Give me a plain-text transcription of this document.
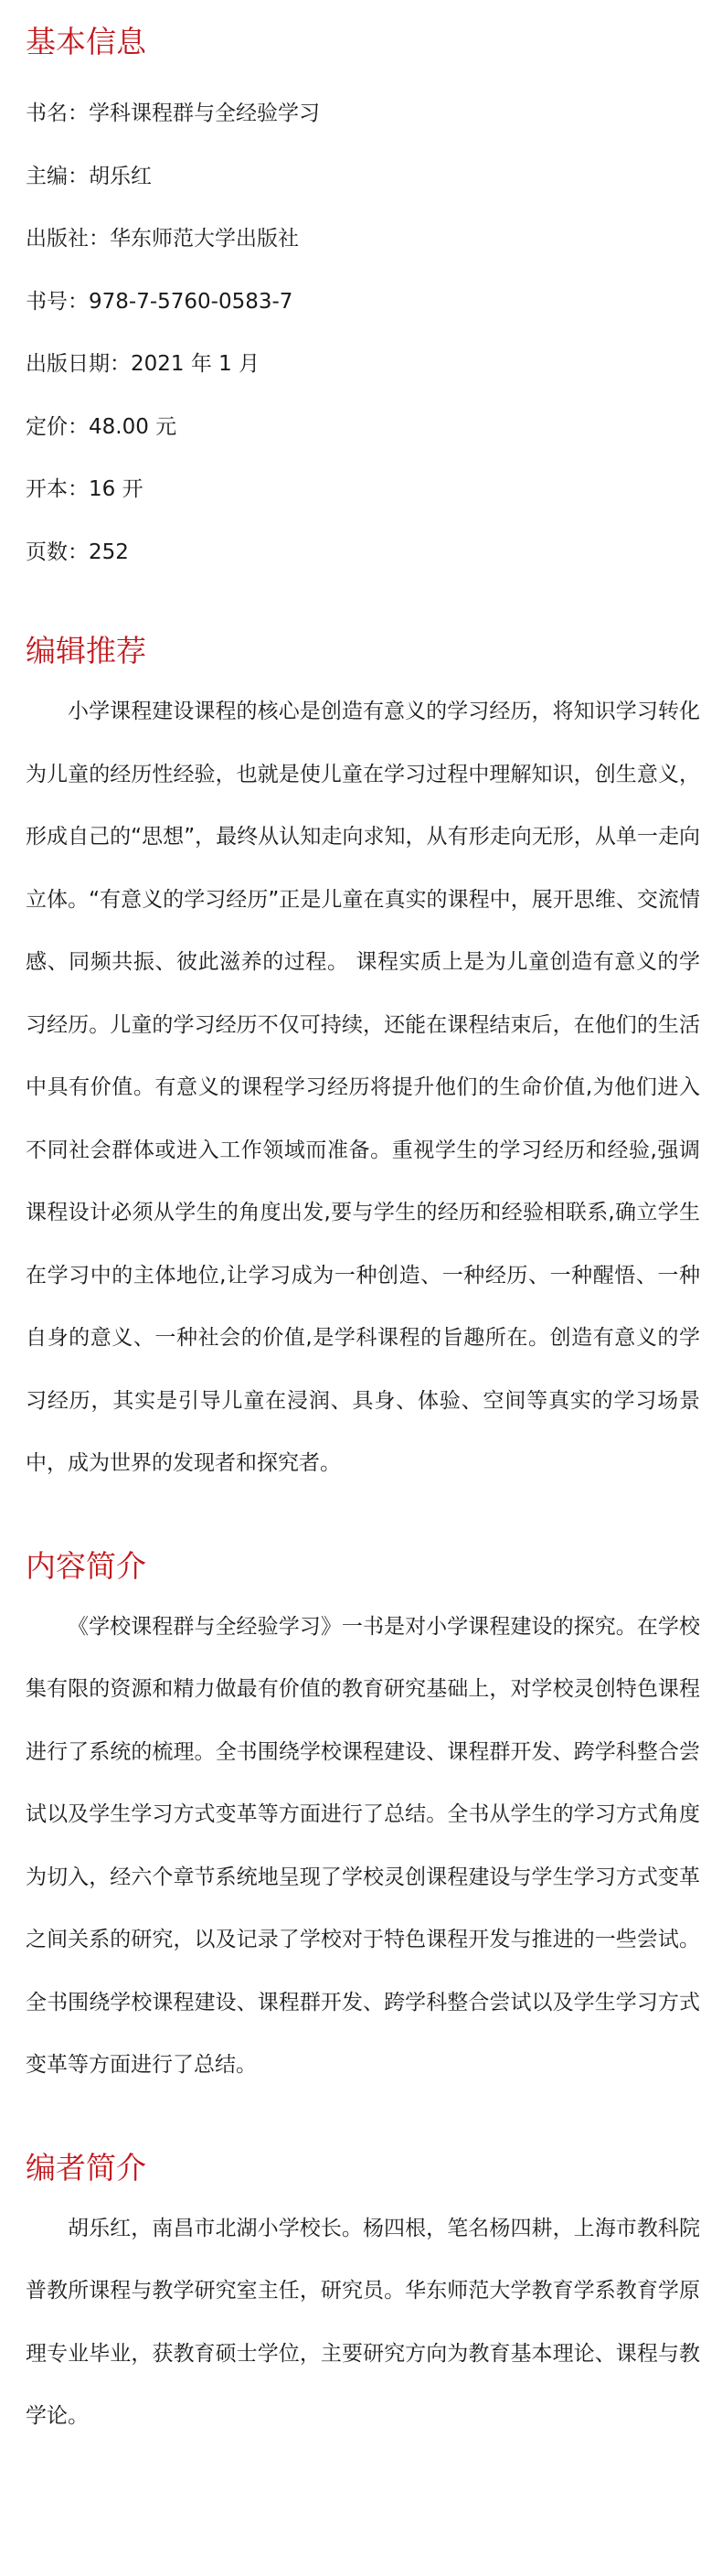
基本信息
书名：学科课程群与全经验学习
主编：胡乐红
出版社：华东师范大学出版社
书号：978-7-5760-0583-7
出版日期：2021 年 1 月
定价：48.00 元
开本：16 开
页数：252
编辑推荐

小学课程建设课程的核心是创造有意义的学习经历，将知识学习转化为儿童的经历性经验，也就是使儿童在学习过程中理解知识，创生意义，形成自己的“思想”，最终从认知走向求知，从有形走向无形，从单一走向立体。“有意义的学习经历”正是儿童在真实的课程中，展开思维、交流情感、同频共振、彼此滋养的过程。 课程实质上是为儿童创造有意义的学习经历。儿童的学习经历不仅可持续，还能在课程结束后，在他们的生活中具有价值。有意义的课程学习经历将提升他们的生命价值,为他们进入不同社会群体或进入工作领域而准备。重视学生的学习经历和经验,强调课程设计必须从学生的角度出发,要与学生的经历和经验相联系,确立学生在学习中的主体地位,让学习成为一种创造、一种经历、一种醒悟、一种自身的意义、一种社会的价值,是学科课程的旨趣所在。创造有意义的学习经历，其实是引导儿童在浸润、具身、体验、空间等真实的学习场景中，成为世界的发现者和探究者。

内容简介

《学校课程群与全经验学习》一书是对小学课程建设的探究。在学校集有限的资源和精力做最有价值的教育研究基础上，对学校灵创特色课程进行了系统的梳理。全书围绕学校课程建设、课程群开发、跨学科整合尝试以及学生学习方式变革等方面进行了总结。全书从学生的学习方式角度为切入，经六个章节系统地呈现了学校灵创课程建设与学生学习方式变革之间关系的研究，以及记录了学校对于特色课程开发与推进的一些尝试。全书围绕学校课程建设、课程群开发、跨学科整合尝试以及学生学习方式变革等方面进行了总结。

编者简介

胡乐红，南昌市北湖小学校长。杨四根，笔名杨四耕，上海市教科院普教所课程与教学研究室主任，研究员。华东师范大学教育学系教育学原理专业毕业，获教育硕士学位，主要研究方向为教育基本理论、课程与教学论。
